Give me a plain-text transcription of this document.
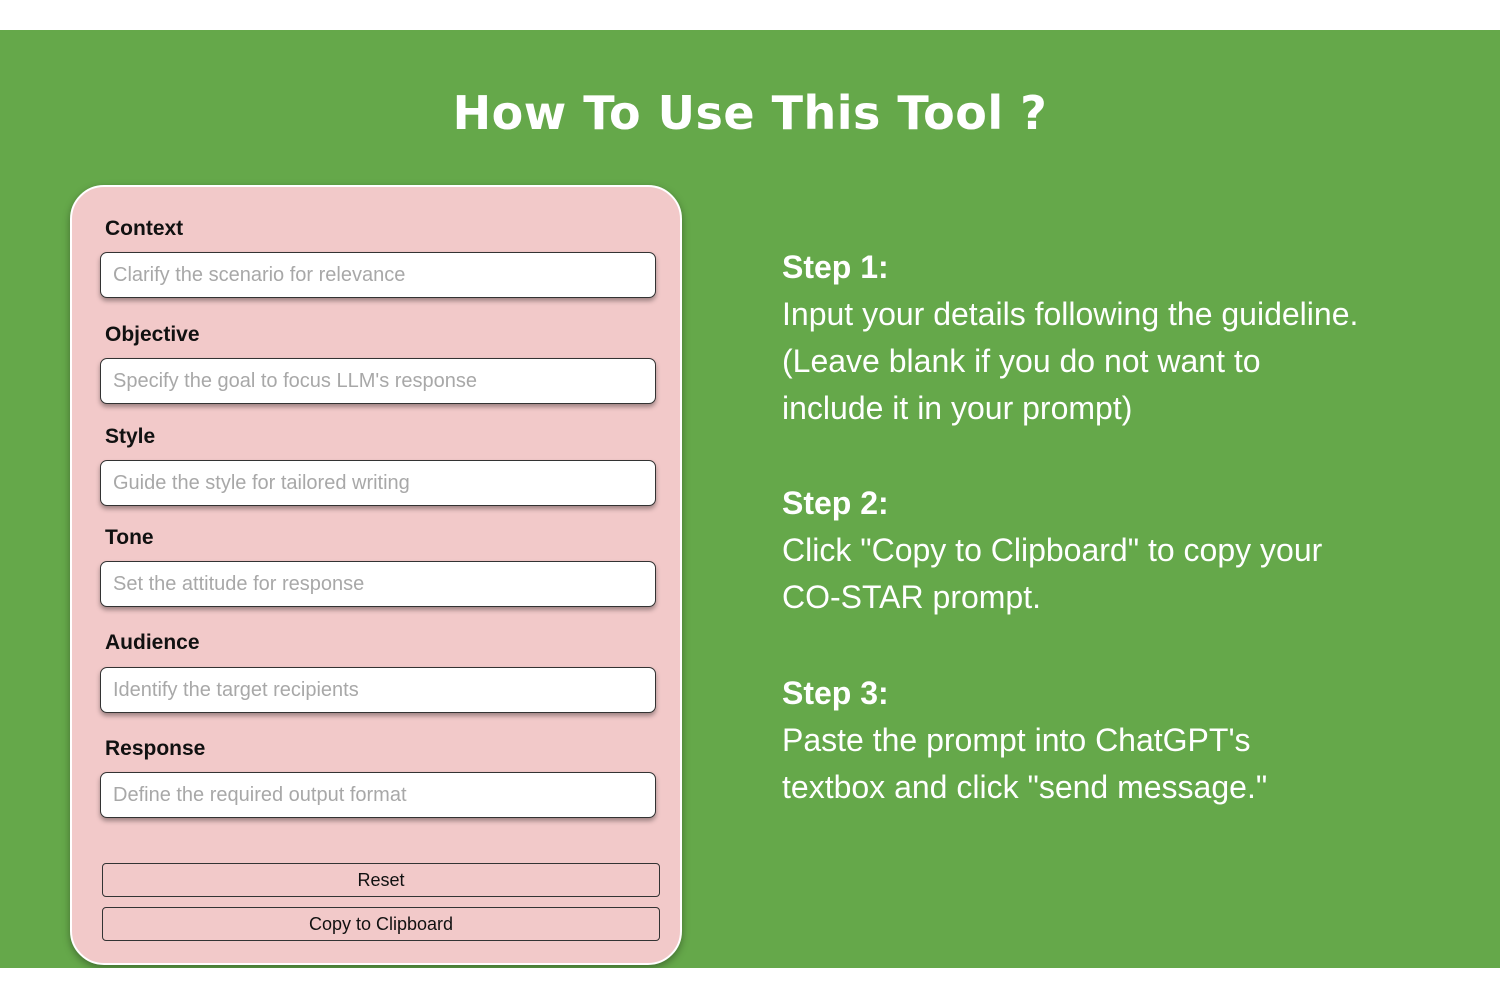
How To Use This Tool ?
Context
Clarify the scenario for relevance
Objective
Specify the goal to focus LLM's response
Style
Guide the style for tailored writing
Tone
Set the attitude for response
Audience
Identify the target recipients
Response
Define the required output format
Reset
Copy to Clipboard
Step 1:
Input your details following the guideline. (Leave blank if you do not want to include it in your prompt)
Step 2:
Click "Copy to Clipboard" to copy your CO-STAR prompt.
Step 3:
Paste the prompt into ChatGPT's textbox and click "send message."
